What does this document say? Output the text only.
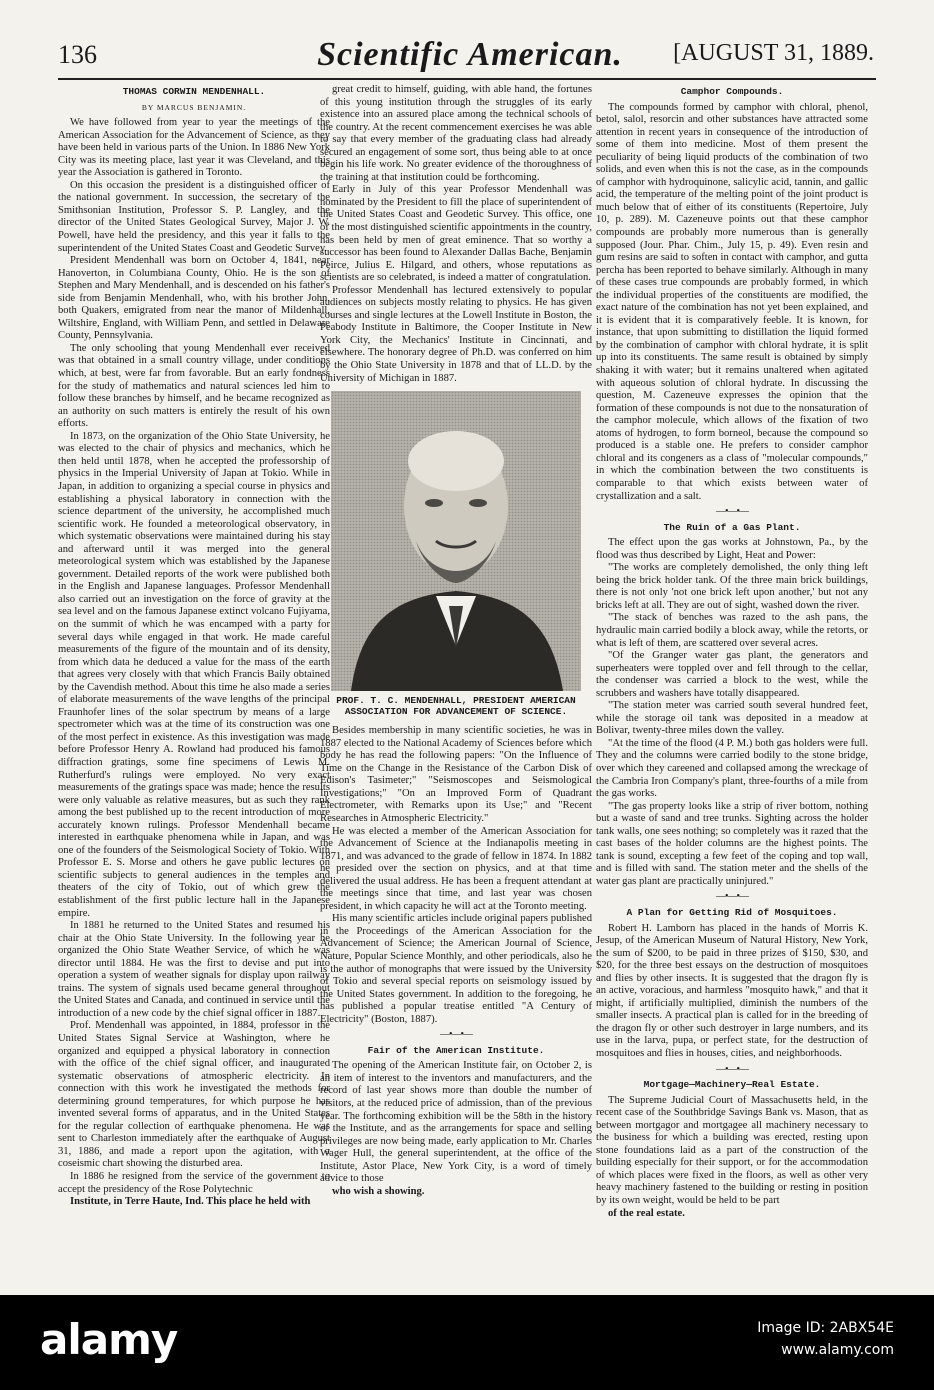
136	Scientific American.	[AUGUST 31, 1889.
THOMAS CORWIN MENDENHALL.
BY MARCUS BENJAMIN.

We have followed from year to year the meetings of the American Association for the Advancement of Science, as they have been held in various parts of the Union. In 1886 New York City was its meeting place, last year it was Cleveland, and this year the Association is gathered in Toronto.

On this occasion the president is a distinguished officer of the national government. In succession, the secretary of the Smithsonian Institution, Professor S. P. Langley, and the director of the United States Geological Survey, Major J. W. Powell, have held the presidency, and this year it falls to the superintendent of the United States Coast and Geodetic Survey.

President Mendenhall was born on October 4, 1841, near Hanoverton, in Columbiana County, Ohio. He is the son of Stephen and Mary Mendenhall, and is descended on his father's side from Benjamin Mendenhall, who, with his brother John, both Quakers, emigrated from near the manor of Mildenhall, Wiltshire, England, with William Penn, and settled in Delaware County, Pennsylvania.

The only schooling that young Mendenhall ever received was that obtained in a small country village, under conditions which, at best, were far from favorable. But an early fondness for the study of mathematics and natural sciences led him to follow these branches by himself, and he became recognized as an authority on such matters is entirely the result of his own efforts.

In 1873, on the organization of the Ohio State University, he was elected to the chair of physics and mechanics, which he then held until 1878, when he accepted the professorship of physics in the Imperial University of Japan at Tokio. While in Japan, in addition to organizing a special course in physics and establishing a physical laboratory in connection with the science department of the university, he accomplished much scientific work. He founded a meteorological observatory, in which systematic observations were maintained during his stay and afterward until it was merged into the general meteorological system which was established by the Japanese government. Detailed reports of the work were published both in the English and Japanese languages. Professor Mendenhall also carried out an investigation on the force of gravity at the sea level and on the famous Japanese extinct volcano Fujiyama, on the summit of which he was encamped with a party for several days while engaged in that work. He made careful measurements of the figure of the mountain and of its density, from which data he deduced a value for the mass of the earth that agrees very closely with that which Francis Baily obtained by the Cavendish method. About this time he also made a series of elaborate measurements of the wave lengths of the principal Fraunhofer lines of the solar spectrum by means of a large spectrometer which was at the time of its construction was one of the most perfect in existence. As this investigation was made before Professor Henry A. Rowland had produced his famous diffraction gratings, some fine specimens of Lewis M. Rutherfurd's rulings were employed. No very exact measurements of the gratings space was made; hence the results were only valuable as relative measures, but as such they rank among the best published up to the recent introduction of more accurately known rulings. Professor Mendenhall became interested in earthquake phenomena while in Japan, and was one of the founders of the Seismological Society of Tokio. With Professor E. S. Morse and others he gave public lectures on scientific subjects to general audiences in the temples and theaters of the city of Tokio, out of which grew the establishment of the first public lecture hall in the Japanese empire.

In 1881 he returned to the United States and resumed his chair at the Ohio State University. In the following year he organized the Ohio State Weather Service, of which he was director until 1884. He was the first to devise and put into operation a system of weather signals for display upon railway trains. The system of signals used became general throughout the United States and Canada, and continued in service until the introduction of a new code by the chief signal officer in 1887.

Prof. Mendenhall was appointed, in 1884, professor in the United States Signal Service at Washington, where he organized and equipped a physical laboratory in connection with the office of the chief signal officer, and inaugurated systematic observations of atmospheric electricity. In connection with this work he investigated the methods for determining ground temperatures, for which purpose he has invented several forms of apparatus, and in the United States for the regular collection of earthquake phenomena. He was sent to Charleston immediately after the earthquake of August 31, 1886, and made a report upon the agitation, with a coseismic chart showing the disturbed area.

In 1886 he resigned from the service of the government to accept the presidency of the Rose Polytechnic

Institute, in Terre Haute, Ind. This place he held with

great credit to himself, guiding, with able hand, the fortunes of this young institution through the struggles of its early existence into an assured place among the technical schools of the country. At the recent commencement exercises he was able to say that every member of the graduating class had already secured an engagement of some sort, thus being able to at once begin his life work. No greater evidence of the thoroughness of the training at that institution could be forthcoming.

Early in July of this year Professor Mendenhall was nominated by the President to fill the place of superintendent of the United States Coast and Geodetic Survey. This office, one of the most distinguished scientific appointments in the country, has been held by men of great eminence. That so worthy a successor has been found to Alexander Dallas Bache, Benjamin Peirce, Julius E. Hilgard, and others, whose reputations as scientists are so celebrated, is indeed a matter of congratulation.

Professor Mendenhall has lectured extensively to popular audiences on subjects mostly relating to physics. He has given courses and single lectures at the Lowell Institute in Boston, the Peabody Institute in Baltimore, the Cooper Institute in New York City, the Mechanics' Institute in Cincinnati, and elsewhere. The honorary degree of Ph.D. was conferred on him by the Ohio State University in 1878 and that of LL.D. by the University of Michigan in 1887.

PROF. T. C. MENDENHALL, PRESIDENT AMERICAN ASSOCIATION FOR ADVANCEMENT OF SCIENCE.

Besides membership in many scientific societies, he was in 1887 elected to the National Academy of Sciences before which body he has read the following papers: "On the Influence of Time on the Change in the Resistance of the Carbon Disk of Edison's Tasimeter;" "Seismoscopes and Seismological Investigations;" "On an Improved Form of Quadrant Electrometer, with Remarks upon its Use;" and "Recent Researches in Atmospheric Electricity."

He was elected a member of the American Association for the Advancement of Science at the Indianapolis meeting in 1871, and was advanced to the grade of fellow in 1874. In 1882 he presided over the section on physics, and at that time delivered the usual address. He has been a frequent attendant at the meetings since that time, and last year was chosen president, in which capacity he will act at the Toronto meeting.

His many scientific articles include original papers published in the Proceedings of the American Association for the Advancement of Science; the American Journal of Science, Nature, Popular Science Monthly, and other periodicals, also he is the author of monographs that were issued by the University of Tokio and several special reports on seismology issued by the United States government. In addition to the foregoing, he has published a popular treatise entitled "A Century of Electricity" (Boston, 1887).

—•—•—
Fair of the American Institute.

The opening of the American Institute fair, on October 2, is an item of interest to the inventors and manufacturers, and the record of last year shows more than double the number of visitors, at the reduced price of admission, than of the previous year. The forthcoming exhibition will be the 58th in the history of the Institute, and as the arrangements for space and selling privileges are now being made, early application to Mr. Charles Wager Hull, the general superintendent, at the office of the Institute, Astor Place, New York City, is a word of timely advice to those

who wish a showing.

Camphor Compounds.

The compounds formed by camphor with chloral, phenol, betol, salol, resorcin and other substances have attracted some attention in recent years in consequence of the introduction of some of them into medicine. Most of them present the peculiarity of being liquid products of the combination of two solids, and even when this is not the case, as in the compounds of camphor with hydroquinone, salicylic acid, tannin, and gallic acid, the temperature of the melting point of the joint product is much below that of either of its constituents (Repertoire, July 10, p. 289). M. Cazeneuve points out that these camphor compounds are probably more numerous than is generally supposed (Jour. Phar. Chim., July 15, p. 49). Even resin and gum resins are said to soften in contact with camphor, and gutta percha has been reported to behave similarly. Although in many of these cases true compounds are probably formed, in which the individual properties of the constituents are modified, the exact nature of the combination has not yet been explained, and it is evident that it is comparatively feeble. It is known, for instance, that upon submitting to distillation the liquid formed by the combination of camphor with chloral hydrate, it is split up into its constituents. The same result is obtained by simply shaking it with water; but it remains unaltered when agitated with aqueous solution of chloral hydrate. In discussing the question, M. Cazeneuve expresses the opinion that the formation of these compounds is not due to the nonsaturation of the camphor molecule, which allows of the fixation of two atoms of hydrogen, to form borneol, because the compound so produced is a stable one. He prefers to consider camphor chloral and its congeners as a class of "molecular compounds," in which the combination between the two constituents is comparable to that which exists between water of crystallization and a salt.

—•—•—
The Ruin of a Gas Plant.

The effect upon the gas works at Johnstown, Pa., by the flood was thus described by Light, Heat and Power:

"The works are completely demolished, the only thing left being the brick holder tank. Of the three main brick buildings, there is not only 'not one brick left upon another,' but not any bricks left at all. They are out of sight, washed down the river.

"The stack of benches was razed to the ash pans, the hydraulic main carried bodily a block away, while the retorts, or what is left of them, are scattered over several acres.

"Of the Granger water gas plant, the generators and superheaters were toppled over and fell through to the cellar, the condenser was carried a block to the west, while the scrubbers and washers have totally disappeared.

"The station meter was carried south several hundred feet, while the storage oil tank was deposited in a meadow at Bolivar, twenty-three miles down the valley.

"At the time of the flood (4 P. M.) both gas holders were full. They and the columns were carried bodily to the stone bridge, over which they careened and collapsed among the wreckage of the Cambria Iron Company's plant, three-fourths of a mile from the gas works.

"The gas property looks like a strip of river bottom, nothing but a waste of sand and tree trunks. Sighting across the holder tank walls, one sees nothing; so completely was it razed that the cast bases of the holder columns are the highest points. The tank is sound, excepting a few feet of the coping and top wall, and is filled with sand. The station meter and the shells of the water gas plant are practically uninjured."

—•—•—
A Plan for Getting Rid of Mosquitoes.

Robert H. Lamborn has placed in the hands of Morris K. Jesup, of the American Museum of Natural History, New York, the sum of $200, to be paid in three prizes of $150, $30, and $20, for the three best essays on the destruction of mosquitoes and flies by other insects. It is suggested that the dragon fly is an active, voracious, and harmless "mosquito hawk," and that it might, if artificially multiplied, diminish the numbers of the smaller insects. A practical plan is called for in the breeding of the dragon fly or other such destroyer in large numbers, and its use in the larva, pupa, or perfect state, for the destruction of mosquitoes and flies in houses, cities, and neighborhoods.

—•—•—
Mortgage—Machinery—Real Estate.

The Supreme Judicial Court of Massachusetts held, in the recent case of the Southbridge Savings Bank vs. Mason, that as between mortgagor and mortgagee all machinery necessary to the business for which a building was erected, resting upon stone foundations laid as a part of the construction of the building especially for their support, or for the accommodation of which places were fixed in the floors, as well as other very heavy machinery fastened to the building or resting in position by its own weight, would be held to be part

of the real estate.

alamy	Image ID: 2ABX54E
www.alamy.com
